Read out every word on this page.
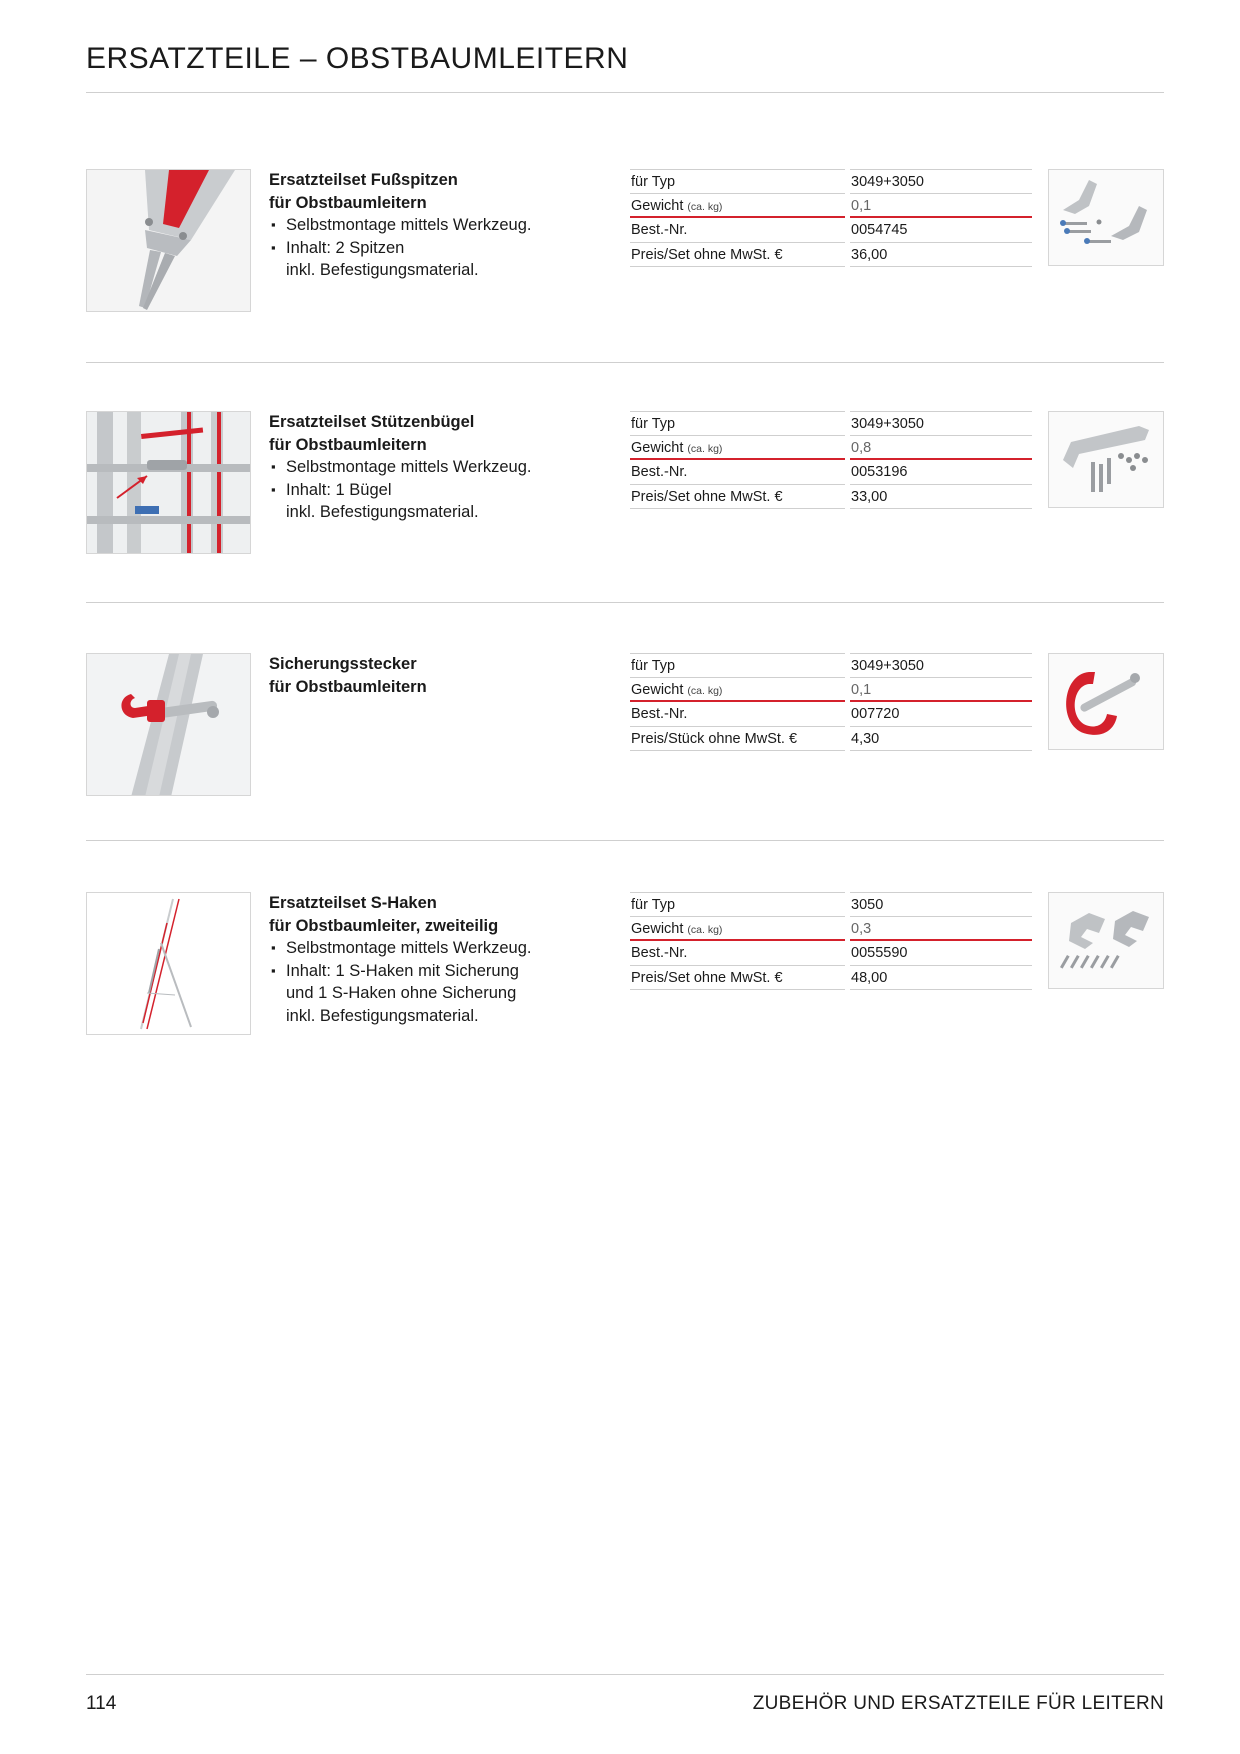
ERSATZTEILE – OBSTBAUMLEITERN
Ersatzteilset Fußspitzen
für Obstbaumleitern
▪ Selbstmontage mittels Werkzeug.
▪ Inhalt: 2 Spitzen
inkl. Befestigungsmaterial.
für Typ	3049+3050
Gewicht (ca. kg)	0,1
Best.-Nr.	0054745
Preis/Set ohne MwSt. €	36,00
Ersatzteilset Stützenbügel
für Obstbaumleitern
▪ Selbstmontage mittels Werkzeug.
▪ Inhalt: 1 Bügel
inkl. Befestigungsmaterial.
für Typ	3049+3050
Gewicht (ca. kg)	0,8
Best.-Nr.	0053196
Preis/Set ohne MwSt. €	33,00
Sicherungsstecker
für Obstbaumleitern
für Typ	3049+3050
Gewicht (ca. kg)	0,1
Best.-Nr.	007720
Preis/Stück ohne MwSt. €	4,30
Ersatzteilset S-Haken
für Obstbaumleiter, zweiteilig
▪ Selbstmontage mittels Werkzeug.
▪ Inhalt: 1 S-Haken mit Sicherung
und 1 S-Haken ohne Sicherung
inkl. Befestigungsmaterial.
für Typ	3050
Gewicht (ca. kg)	0,3
Best.-Nr.	0055590
Preis/Set ohne MwSt. €	48,00
114	ZUBEHÖR UND ERSATZTEILE FÜR LEITERN
